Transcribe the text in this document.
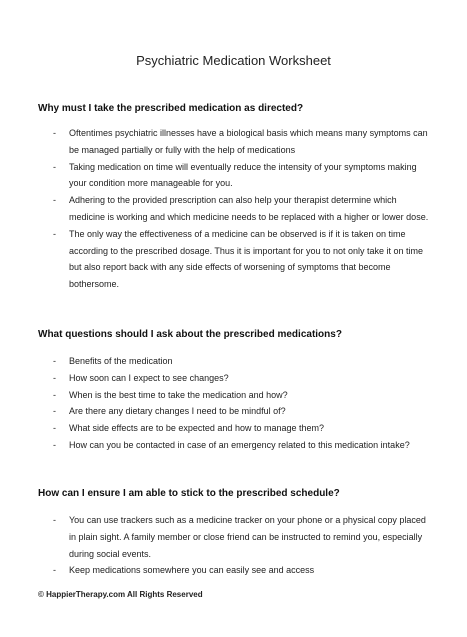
Psychiatric Medication Worksheet
Why must I take the prescribed medication as directed?
- Oftentimes psychiatric illnesses have a biological basis which means many symptoms can be managed partially or fully with the help of medications
- Taking medication on time will eventually reduce the intensity of your symptoms making your condition more manageable for you.
- Adhering to the provided prescription can also help your therapist determine which medicine is working and which medicine needs to be replaced with a higher or lower dose.
- The only way the effectiveness of a medicine can be observed is if it is taken on time according to the prescribed dosage. Thus it is important for you to not only take it on time but also report back with any side effects of worsening of symptoms that become bothersome.
What questions should I ask about the prescribed medications?
- Benefits of the medication
- How soon can I expect to see changes?
- When is the best time to take the medication and how?
- Are there any dietary changes I need to be mindful of?
- What side effects are to be expected and how to manage them?
- How can you be contacted in case of an emergency related to this medication intake?
How can I ensure I am able to stick to the prescribed schedule?
- You can use trackers such as a medicine tracker on your phone or a physical copy placed in plain sight. A family member or close friend can be instructed to remind you, especially during social events.
- Keep medications somewhere you can easily see and access
© HappierTherapy.com All Rights Reserved
